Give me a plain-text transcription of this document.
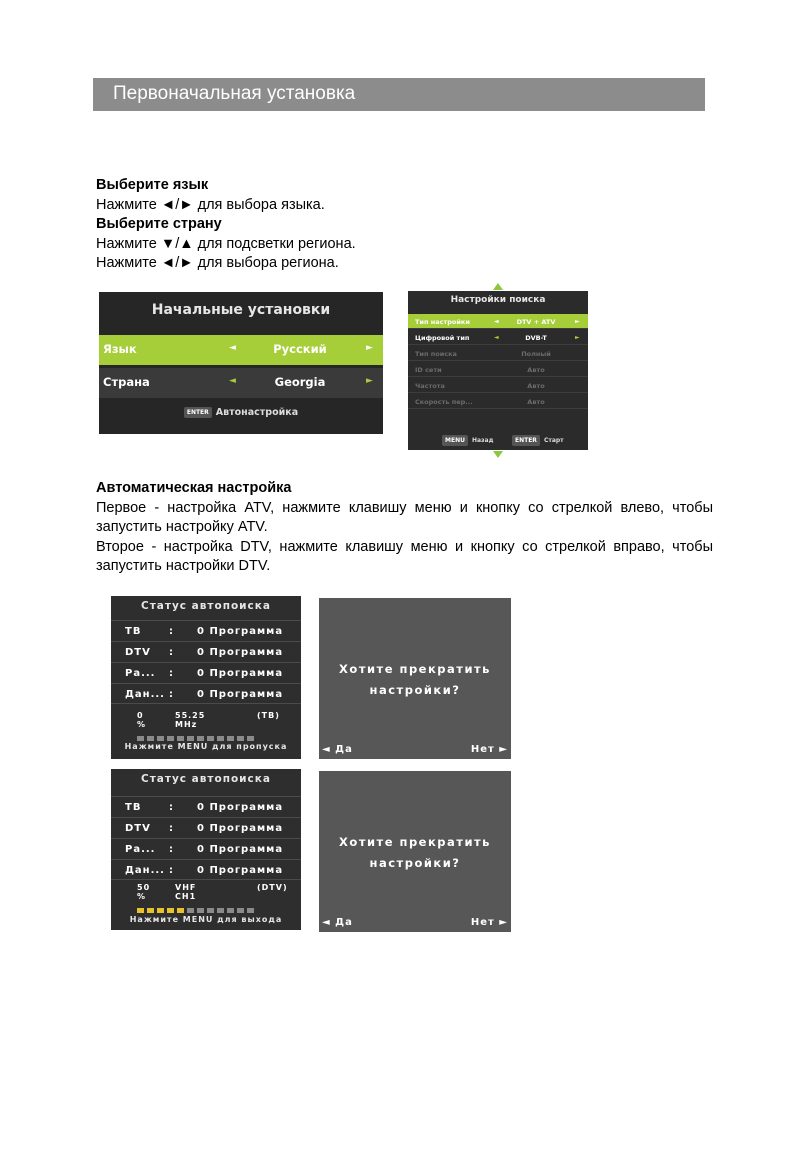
Первоначальная установка
Выберите язык
Нажмите ◄/► для выбора языка.
Выберите страну
Нажмите ▼/▲ для подсветки региона.
Нажмите ◄/► для выбора региона.
Начальные установки
Язык	◄	Русский	►
Страна	◄	Georgia	►
ENTER Автонастройка
Настройки поиска
Тип настройки	◄	DTV + ATV	►
Цифровой тип	◄	DVB-T	►
Тип поиска	Полный
ID сети	Авто
Частота	Авто
Скорость пер...	Авто
MENU Назад	ENTER Старт
Автоматическая настройка
Первое - настройка ATV, нажмите клавишу меню и кнопку со стрелкой влево, чтобы запустить настройку ATV.
Второе - настройка DTV, нажмите клавишу меню и кнопку со стрелкой вправо, чтобы запустить настройки DTV.
Статус автопоиска
ТВ	: 0 Программа
DTV : 0 Программа
Ра... : 0 Программа
Дан... : 0 Программа
0 %
55.25 MHz
(ТВ)
Нажмите MENU для пропуска
Хотите прекратить
настройки?
◄ Да	Нет ►
Статус автопоиска
ТВ	: 0 Программа
DTV : 0 Программа
Ра... : 0 Программа
Дан... : 0 Программа
50 %
VHF CH1
(DTV)
Нажмите MENU для выхода
Хотите прекратить
настройки?
◄ Да	Нет ►
